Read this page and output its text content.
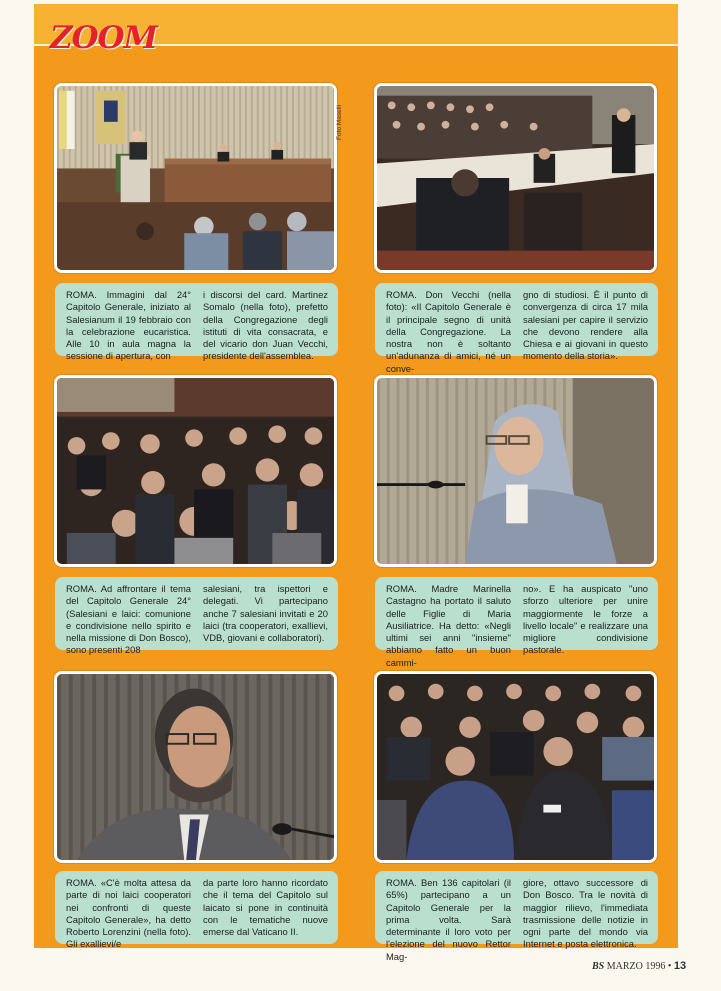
ZOOM
Foto Maselli

ROMA. Immagini dal 24° Capitolo Generale, iniziato al Salesianum il 19 febbraio con la celebrazione eucaristica. Alle 10 in aula magna la sessione di apertura, con

i discorsi del card. Martinez Somalo (nella foto), prefetto della Congregazione degli istituti di vita consacrata, e del vicario don Juan Vecchi, presidente dell'assemblea.

ROMA. Don Vecchi (nella foto): «Il Capitolo Generale è il principale segno di unità della Congregazione. La nostra non è soltanto un'adunanza di amici, né un conve-

gno di studiosi. È il punto di convergenza di circa 17 mila salesiani per capire il servizio che devono rendere alla Chiesa e ai giovani in questo momento della storia».

ROMA. Ad affrontare il tema del Capitolo Generale 24° (Salesiani e laici: comunione e condivisione nello spirito e nella missione di Don Bosco), sono presenti 208

salesiani, tra ispettori e delegati. Vi partecipano anche 7 salesiani invitati e 20 laici (tra cooperatori, exallievi, VDB, giovani e collaboratori).

ROMA. Madre Marinella Castagno ha portato il saluto delle Figlie di Maria Ausiliatrice. Ha detto: «Negli ultimi sei anni "insieme" abbiamo fatto un buon cammi-

no». E ha auspicato "uno sforzo ulteriore per unire maggiormente le forze a livello locale" e realizzare una migliore condivisione pastorale.

ROMA. «C'è molta attesa da parte di noi laici cooperatori nei confronti di queste Capitolo Generale», ha detto Roberto Lorenzini (nella foto). Gli exallievi/e

da parte loro hanno ricordato che il tema del Capitolo sul laicato si pone in continuità con le tematiche nuove emerse dal Vaticano II.

ROMA. Ben 136 capitolari (il 65%) partecipano a un Capitolo Generale per la prima volta. Sarà determinante il loro voto per l'elezione del nuovo Rettor Mag-

giore, ottavo successore di Don Bosco. Tra le novità di maggior rilievo, l'immediata trasmissione delle notizie in ogni parte del mondo via Internet e posta elettronica.

BS MARZO 1996 • 13
